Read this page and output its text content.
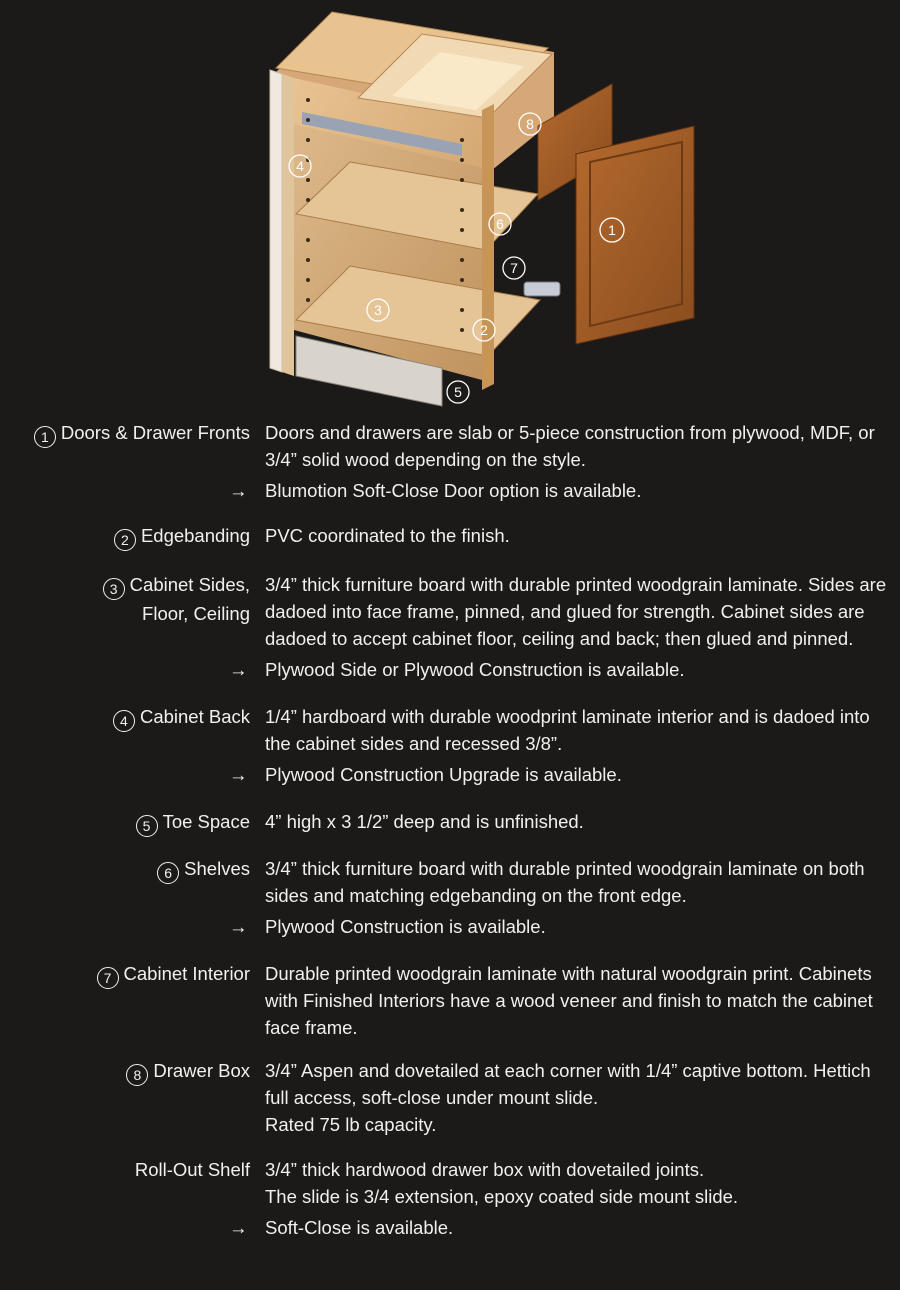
4
8
6	1
7
3
2
5
1 Doors & Drawer Fronts Doors and drawers are slab or 5-piece construction from plywood, MDF, or 3/4” solid wood depending on the style.

→ Blumotion Soft-Close Door option is available.
2 Edgebanding PVC coordinated to the finish.

3 Cabinet Sides,
Floor, Ceiling

3/4” thick furniture board with durable printed woodgrain laminate. Sides are dadoed into face frame, pinned, and glued for strength. Cabinet sides are dadoed to accept cabinet floor, ceiling and back; then glued and pinned.

→ Plywood Side or Plywood Construction is available.
4 Cabinet Back 1/4” hardboard with durable woodprint laminate interior and is dadoed into the cabinet sides and recessed 3/8”.

→ Plywood Construction Upgrade is available.
5 Toe Space 4” high x 3 1/2” deep and is unfinished.

6 Shelves 3/4” thick furniture board with durable printed woodgrain laminate on both sides and matching edgebanding on the front edge.

→ Plywood Construction is available.
7 Cabinet Interior Durable printed woodgrain laminate with natural woodgrain print. Cabinets with Finished Interiors have a wood veneer and finish to match the cabinet face frame.

8 Drawer Box 3/4” Aspen and dovetailed at each corner with 1/4” captive bottom. Hettich full access, soft-close under mount slide.
Rated 75 lb capacity.

Roll-Out Shelf 3/4” thick hardwood drawer box with dovetailed joints.
The slide is 3/4 extension, epoxy coated side mount slide.

→ Soft-Close is available.
